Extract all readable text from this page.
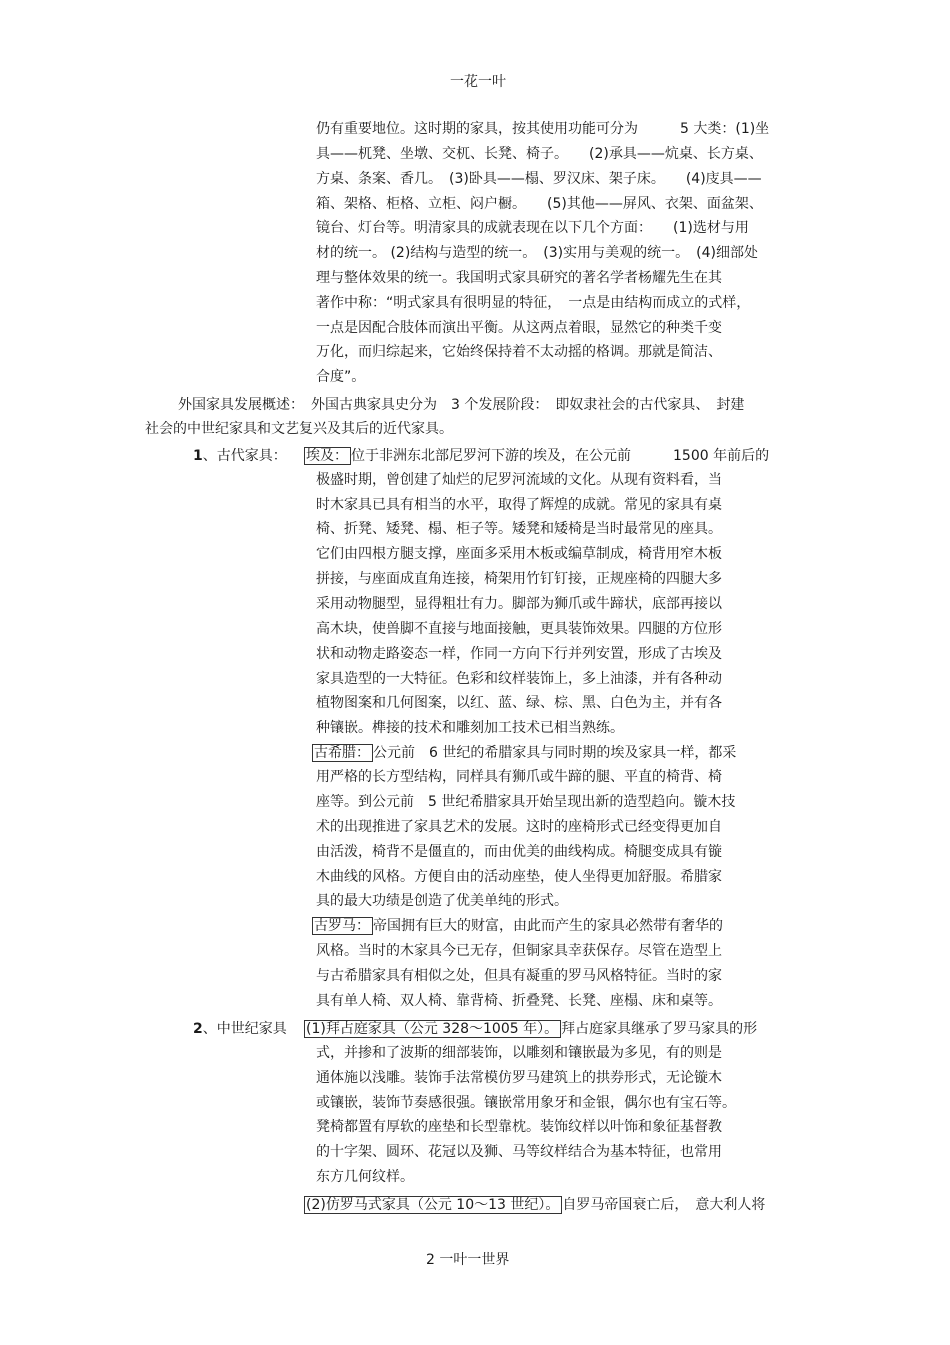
一花一叶
仍有重要地位。这时期的家具，按其使用功能可分为　　　5 大类：(1)坐
具——杌凳、坐墩、交杌、长凳、椅子。　　(2)承具——炕桌、长方桌、
方桌、条案、香几。　(3)卧具——榻、罗汉床、架子床。　　(4)庋具——
箱、架格、柜格、立柜、闷户橱。　　(5)其他——屏风、衣架、面盆架、
镜台、灯台等。明清家具的成就表现在以下几个方面：　　(1)选材与用
材的统一。 (2)结构与造型的统一。　(3)实用与美观的统一。　(4)细部处
理与整体效果的统一。我国明式家具研究的著名学者杨耀先生在其
著作中称：“明式家具有很明显的特征，　一点是由结构而成立的式样，
一点是因配合肢体而演出平衡。从这两点着眼，显然它的种类千变
万化，而归综起来，它始终保持着不太动摇的格调。那就是简洁、
合度”。
外国家具发展概述：　外国古典家具史分为　3 个发展阶段：　即奴隶社会的古代家具、　封建
社会的中世纪家具和文艺复兴及其后的近代家具。
1、古代家具： 埃及： 位于非洲东北部尼罗河下游的埃及，在公元前　　　1500 年前后的
极盛时期，曾创建了灿烂的尼罗河流域的文化。从现有资料看，当
时木家具已具有相当的水平，取得了辉煌的成就。常见的家具有桌
椅、折凳、矮凳、榻、柜子等。矮凳和矮椅是当时最常见的座具。
它们由四根方腿支撑，座面多采用木板或编草制成，椅背用窄木板
拼接，与座面成直角连接，椅架用竹钉钉接，正规座椅的四腿大多
采用动物腿型，显得粗壮有力。脚部为狮爪或牛蹄状，底部再接以
高木块，使兽脚不直接与地面接触，更具装饰效果。四腿的方位形
状和动物走路姿态一样，作同一方向下行并列安置，形成了古埃及
家具造型的一大特征。色彩和纹样装饰上，多上油漆，并有各种动
植物图案和几何图案，以红、蓝、绿、棕、黑、白色为主，并有各
种镶嵌。榫接的技术和雕刻加工技术已相当熟练。
古希腊： 公元前　6 世纪的希腊家具与同时期的埃及家具一样，都采
用严格的长方型结构，同样具有狮爪或牛蹄的腿、平直的椅背、椅
座等。到公元前　5 世纪希腊家具开始呈现出新的造型趋向。镟木技
术的出现推进了家具艺术的发展。这时的座椅形式已经变得更加自
由活泼，椅背不是僵直的，而由优美的曲线构成。椅腿变成具有镟
木曲线的风格。方便自由的活动座垫，使人坐得更加舒服。希腊家
具的最大功绩是创造了优美单纯的形式。
古罗马： 帝国拥有巨大的财富，由此而产生的家具必然带有奢华的
风格。当时的木家具今已无存，但铜家具幸获保存。尽管在造型上
与古希腊家具有相似之处，但具有凝重的罗马风格特征。当时的家
具有单人椅、双人椅、靠背椅、折叠凳、长凳、座榻、床和桌等。
2、中世纪家具 (1)拜占庭家具（公元 328～1005 年）。 拜占庭家具继承了罗马家具的形
式，并掺和了波斯的细部装饰，以雕刻和镶嵌最为多见，有的则是
通体施以浅雕。装饰手法常模仿罗马建筑上的拱券形式，无论镟木
或镶嵌，装饰节奏感很强。镶嵌常用象牙和金银，偶尔也有宝石等。
凳椅都置有厚软的座垫和长型靠枕。装饰纹样以叶饰和象征基督教
的十字架、圆环、花冠以及狮、马等纹样结合为基本特征，也常用
东方几何纹样。
(2)仿罗马式家具（公元 10～13 世纪）。 自罗马帝国衰亡后，　意大利人将
2 一叶一世界
